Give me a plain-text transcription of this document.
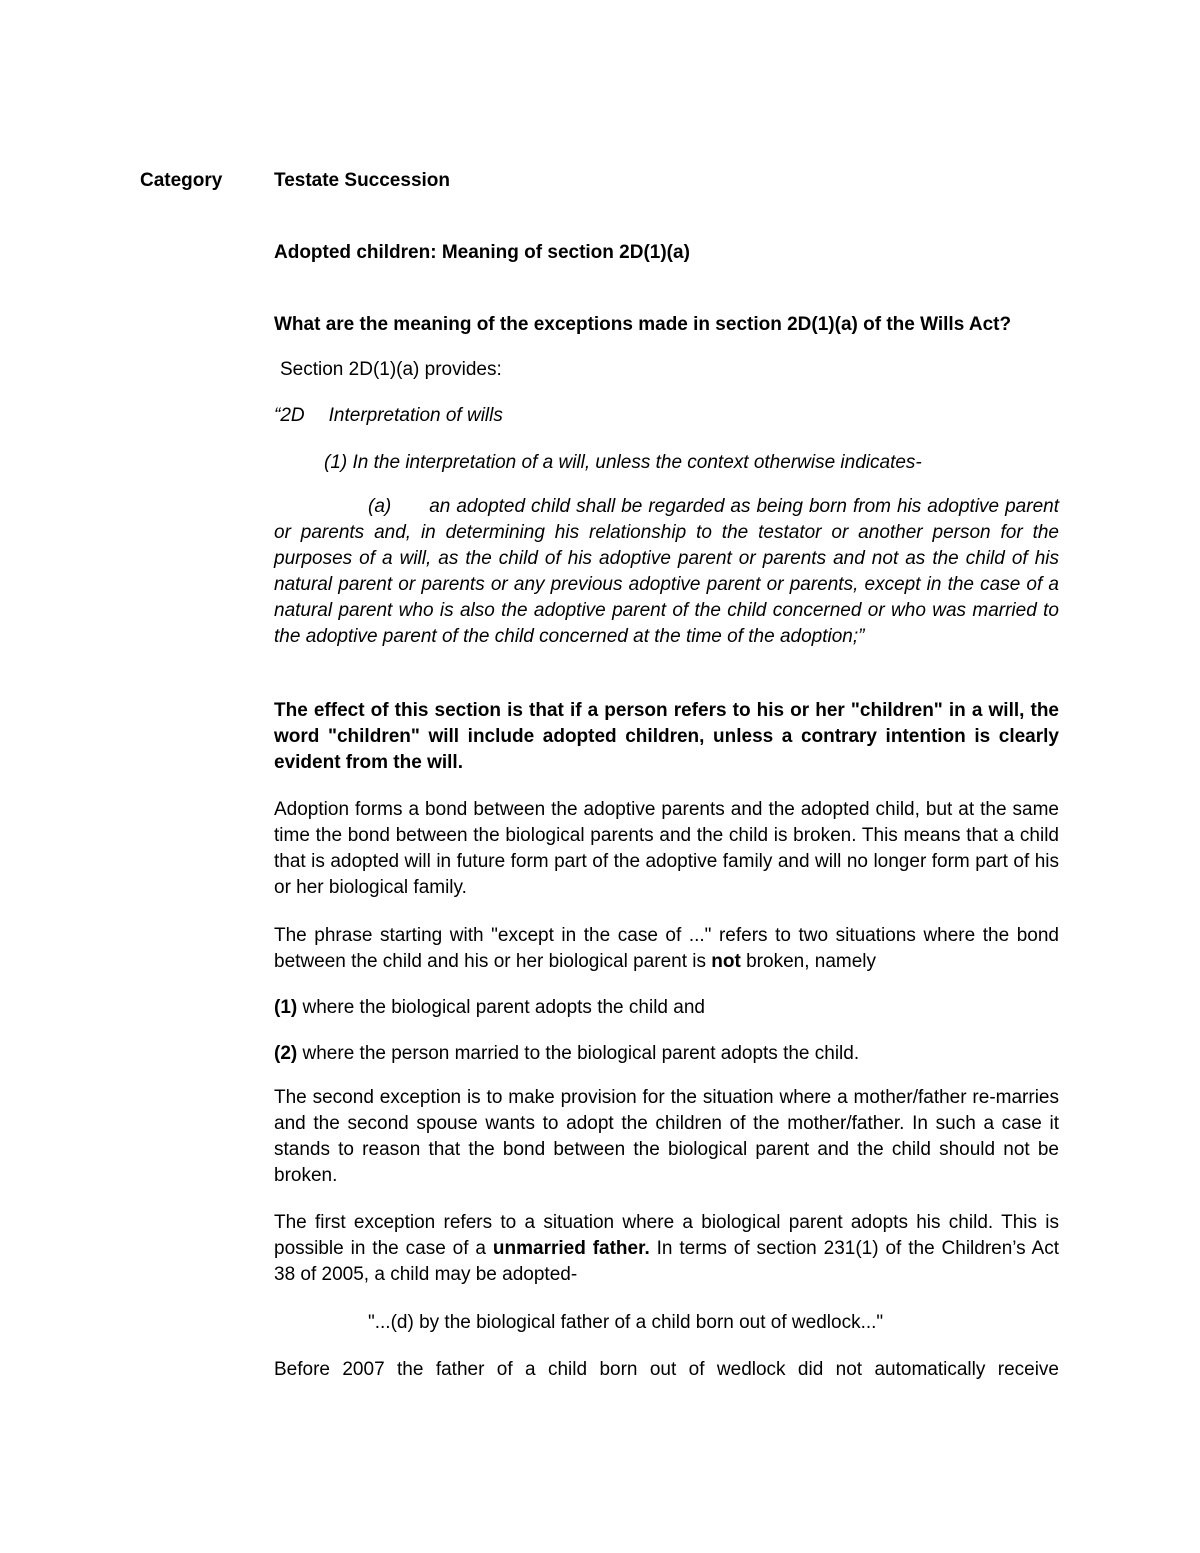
Category	Testate Succession
Adopted children: Meaning of section 2D(1)(a)
What are the meaning of the exceptions made in section 2D(1)(a) of the Wills Act?
Section 2D(1)(a) provides:
“2D Interpretation of wills
(1) In the interpretation of a will, unless the context otherwise indicates-
(a) an adopted child shall be regarded as being born from his adoptive parent or parents and, in determining his relationship to the testator or another person for the purposes of a will, as the child of his adoptive parent or parents and not as the child of his natural parent or parents or any previous adoptive parent or parents, except in the case of a natural parent who is also the adoptive parent of the child concerned or who was married to the adoptive parent of the child concerned at the time of the adoption;”
The effect of this section is that if a person refers to his or her "children" in a will, the word "children" will include adopted children, unless a contrary intention is clearly evident from the will.
Adoption forms a bond between the adoptive parents and the adopted child, but at the same time the bond between the biological parents and the child is broken. This means that a child that is adopted will in future form part of the adoptive family and will no longer form part of his or her biological family.
The phrase starting with "except in the case of ..." refers to two situations where the bond between the child and his or her biological parent is not broken, namely
(1) where the biological parent adopts the child and
(2) where the person married to the biological parent adopts the child.
The second exception is to make provision for the situation where a mother/father re-marries and the second spouse wants to adopt the children of the mother/father. In such a case it stands to reason that the bond between the biological parent and the child should not be broken.
The first exception refers to a situation where a biological parent adopts his child. This is possible in the case of a unmarried father. In terms of section 231(1) of the Children’s Act 38 of 2005, a child may be adopted-
"...(d) by the biological father of a child born out of wedlock..."
Before 2007 the father of a child born out of wedlock did not automatically receive
